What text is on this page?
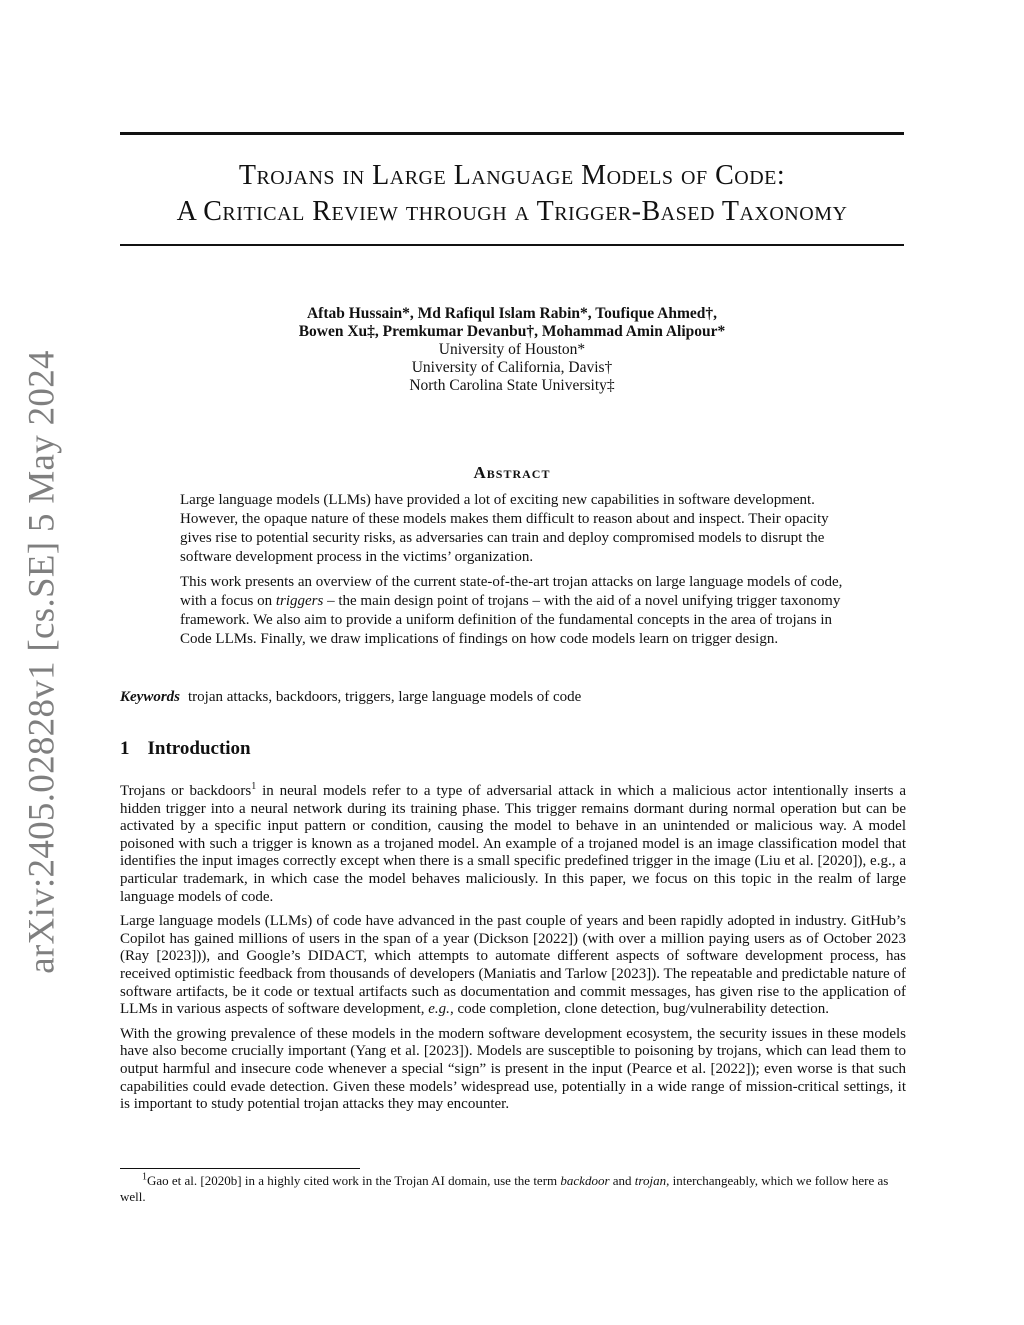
arXiv:2405.02828v1 [cs.SE] 5 May 2024
Trojans in Large Language Models of Code:
A Critical Review through a Trigger-Based Taxonomy
Aftab Hussain*, Md Rafiqul Islam Rabin*, Toufique Ahmed†,
Bowen Xu‡, Premkumar Devanbu†, Mohammad Amin Alipour*
University of Houston*
University of California, Davis†
North Carolina State University‡
Abstract

Large language models (LLMs) have provided a lot of exciting new capabilities in software development. However, the opaque nature of these models makes them difficult to reason about and inspect. Their opacity gives rise to potential security risks, as adversaries can train and deploy compromised models to disrupt the software development process in the victims’ organization.

This work presents an overview of the current state-of-the-art trojan attacks on large language models of code, with a focus on triggers – the main design point of trojans – with the aid of a novel unifying trigger taxonomy framework. We also aim to provide a uniform definition of the fundamental concepts in the area of trojans in Code LLMs. Finally, we draw implications of findings on how code models learn on trigger design.

Keywords trojan attacks, backdoors, triggers, large language models of code
1 Introduction

Trojans or backdoors$^1$ in neural models refer to a type of adversarial attack in which a malicious actor intentionally inserts a hidden trigger into a neural network during its training phase. This trigger remains dormant during normal operation but can be activated by a specific input pattern or condition, causing the model to behave in an unintended or malicious way. A model poisoned with such a trigger is known as a trojaned model. An example of a trojaned model is an image classification model that identifies the input images correctly except when there is a small specific predefined trigger in the image (Liu et al. [2020]), e.g., a particular trademark, in which case the model behaves maliciously. In this paper, we focus on this topic in the realm of large language models of code.

Large language models (LLMs) of code have advanced in the past couple of years and been rapidly adopted in industry. GitHub’s Copilot has gained millions of users in the span of a year (Dickson [2022]) (with over a million paying users as of October 2023 (Ray [2023])), and Google’s DIDACT, which attempts to automate different aspects of software development process, has received optimistic feedback from thousands of developers (Maniatis and Tarlow [2023]). The repeatable and predictable nature of software artifacts, be it code or textual artifacts such as documentation and commit messages, has given rise to the application of LLMs in various aspects of software development, e.g., code completion, clone detection, bug/vulnerability detection.

With the growing prevalence of these models in the modern software development ecosystem, the security issues in these models have also become crucially important (Yang et al. [2023]). Models are susceptible to poisoning by trojans, which can lead them to output harmful and insecure code whenever a special “sign” is present in the input (Pearce et al. [2022]); even worse is that such capabilities could evade detection. Given these models’ widespread use, potentially in a wide range of mission-critical settings, it is important to study potential trojan attacks they may encounter.

$^1$Gao et al. [2020b] in a highly cited work in the Trojan AI domain, use the term backdoor and trojan, interchangeably, which we follow here as well.
